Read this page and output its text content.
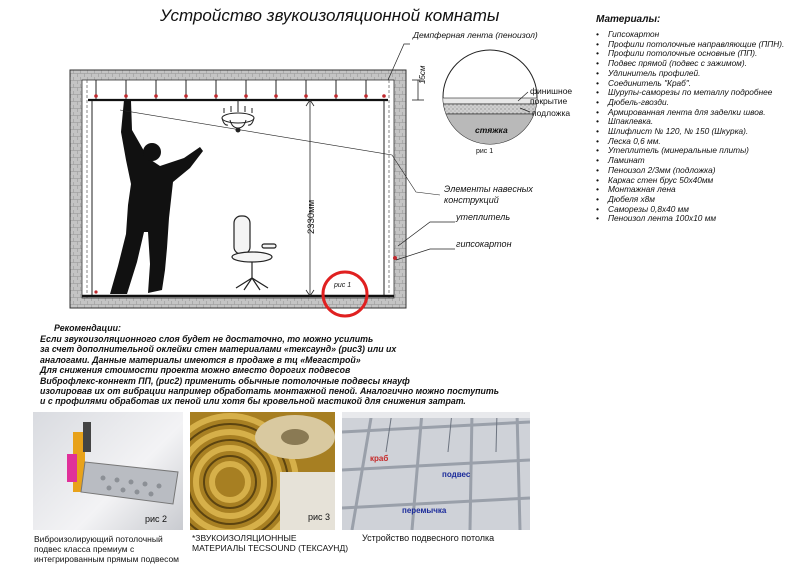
Устройство звукоизоляционной комнаты
Демпферная лента (пеноизол)
15см
2330мм
финишное покрытие
подложка
стяжка
рис 1
рис 1
Элементы навесных конструкций
утеплитель
гипсокартон
Материалы:
• Гипсокартон
• Профили потолочные направляющие (ППН).
• Профили потолочные основные (ПП).
• Подвес прямой (подвес с зажимом).
• Удлинитель профилей.
• Соединитель "Краб".
• Шурупы-саморезы по металлу подробнее
• Дюбель-гвозди.
• Армированная лента для заделки швов.
• Шпаклевка.
• Шлифлист № 120, № 150 (Шкурка).
• Леска 0,6 мм.
• Утеплитель (минеральные плиты)
• Ламинат
• Пеноизол 2/3мм (подложка)
• Каркас стен брус 50х40мм
• Монтажная лена
• Дюбеля х8м
• Саморезы 0,8х40 мм
• Пеноизол лента 100х10 мм
Рекомендации:

Если звукоизоляционного слоя будет не достаточно, то можно усилить

за счет дополнительной оклейки стен материалами «тексаунд» (рис3) или их

аналогами. Данные материалы имеются в продаже в тц «Мегастрой»

Для снижения стоимости проекта можно вместо дорогих подвесов

Виброфлекс-коннект ПП, (рис2) применить обычные потолочные подвесы кнауф

изолировав их от вибрации например обработать монтажной пеной. Аналогично можно поступить

и с профилями обработав их пеной или хотя бы кровельной мастикой для снижения затрат.

рис 2
Виброизолирующий потолочный подвес класса премиум с интегрированным прямым подвесом
рис 3
*ЗВУКОИЗОЛЯЦИОННЫЕ МАТЕРИАЛЫ TECSOUND (ТЕКСАУНД)
краб
подвес
перемычка
Устройство подвесного потолка
